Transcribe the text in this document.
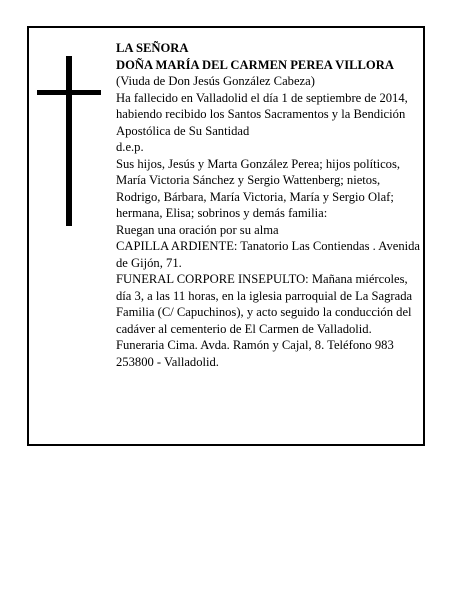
LA SEÑORA

DOÑA MARÍA DEL CARMEN PEREA VILLORA

(Viuda de Don Jesús González Cabeza)

Ha fallecido en Valladolid el día 1 de septiembre de 2014, habiendo recibido los Santos Sacramentos y la Bendición Apostólica de Su Santidad

d.e.p.

Sus hijos, Jesús y Marta González Perea; hijos políticos, María Victoria Sánchez y Sergio Wattenberg; nietos, Rodrigo, Bárbara, María Victoria, María y Sergio Olaf; hermana, Elisa; sobrinos y demás familia:

Ruegan una oración por su alma

CAPILLA ARDIENTE: Tanatorio Las Contiendas . Avenida de Gijón, 71.

FUNERAL CORPORE INSEPULTO: Mañana miércoles, día 3, a las 11 horas, en la iglesia parroquial de La Sagrada Familia (C/ Capuchinos), y acto seguido la conducción del cadáver al cementerio de El Carmen de Valladolid.

Funeraria Cima. Avda. Ramón y Cajal, 8. Teléfono 983 253800 - Valladolid.
